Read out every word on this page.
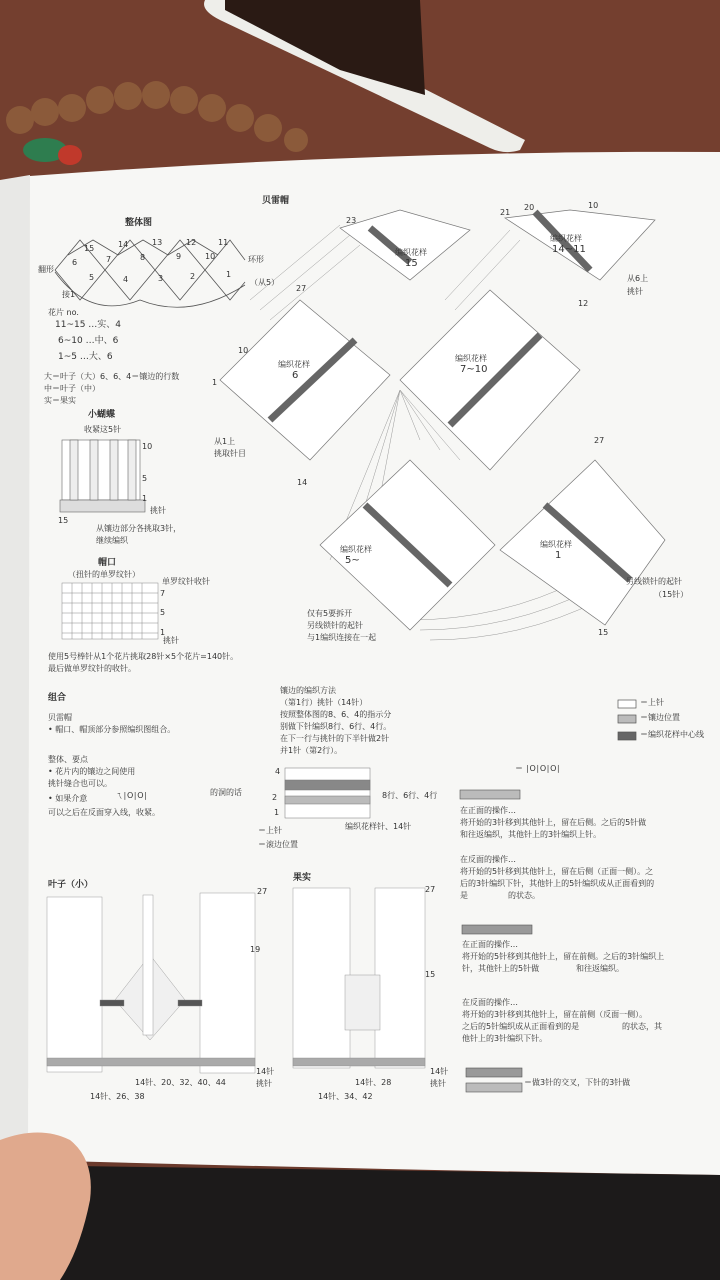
贝雷帽
整体图
环形
（从5）
接1
翻形
15	14	13	12	11
10
9
8
7
6
5	4	3	2	1
花片 no.
11~15 …实、4
6~10 …中、6
1~5 …大、6
大＝叶子（大）6、6、4＝镶边的行数
中＝叶子（中）
实＝果实
小蝴蝶
收紧这5针
10
5
1
挑针
15
从镶边部分各挑取3针，
继续编织
帽口
（扭针的单罗纹针）
单罗纹针收针
7
5
1
挑针
使用5号棒针从1个花片挑取28针×5个花片=140针。
最后做单罗纹针的收针。
23
21
20	10
27
10
1
14
12
27
15
编织花样
15
编织花样
14~11
编织花样
6
编织花样
7~10
编织花样
5~
编织花样
1
从6上
挑针
从1上
挑取针目
另线锁针的起针
（15针）
仅有5要拆开
另线锁针的起针
与1编织连接在一起
组合
贝雷帽
• 帽口、帽顶部分参照编织图组合。
整体、要点
• 花片内的镶边之间使用
挑针缝合也可以。
• 如果介意	ㄟ∣O∣O∣	的洞的话
可以之后在反面穿入线，收紧。
镶边的编织方法
（第1行）挑针（14针）
按照整体图的8、6、4的指示分
别做下针编织8行、6行、4行。
在下一行与挑针的下半针做2针
并1针（第2行）。
4
2
1
8行、6行、4行
编织花样针、14针
＝上针
＝滚边位置
＝上针
＝镶边位置
＝编织花样中心线
＝ ∣O∣O∣O∣
在正面的操作…
将开始的3针移到其他针上，留在后侧。之后的5针做
和往返编织，其他针上的3针编织上针。
在反面的操作…
将开始的5针移到其他针上，留在后侧（正面一侧）。之
后的3针编织下针，其他针上的5针编织成从正面看到的
是	的状态。
在正面的操作…
将开始的5针移到其他针上，留在前侧。之后的3针编织上
针，其他针上的5针做	和往返编织。
在反面的操作…
将开始的3针移到其他针上，留在前侧（反面一侧）。
之后的5针编织成从正面看到的是	的状态，其
他针上的3针编织下针。
＝做3针的交叉，下针的3针做
叶子（小）
27
19
14针
挑针
14针、20、32、40、44
14针、26、38
果实
27
15
14针
挑针
14针、28
14针、34、42
